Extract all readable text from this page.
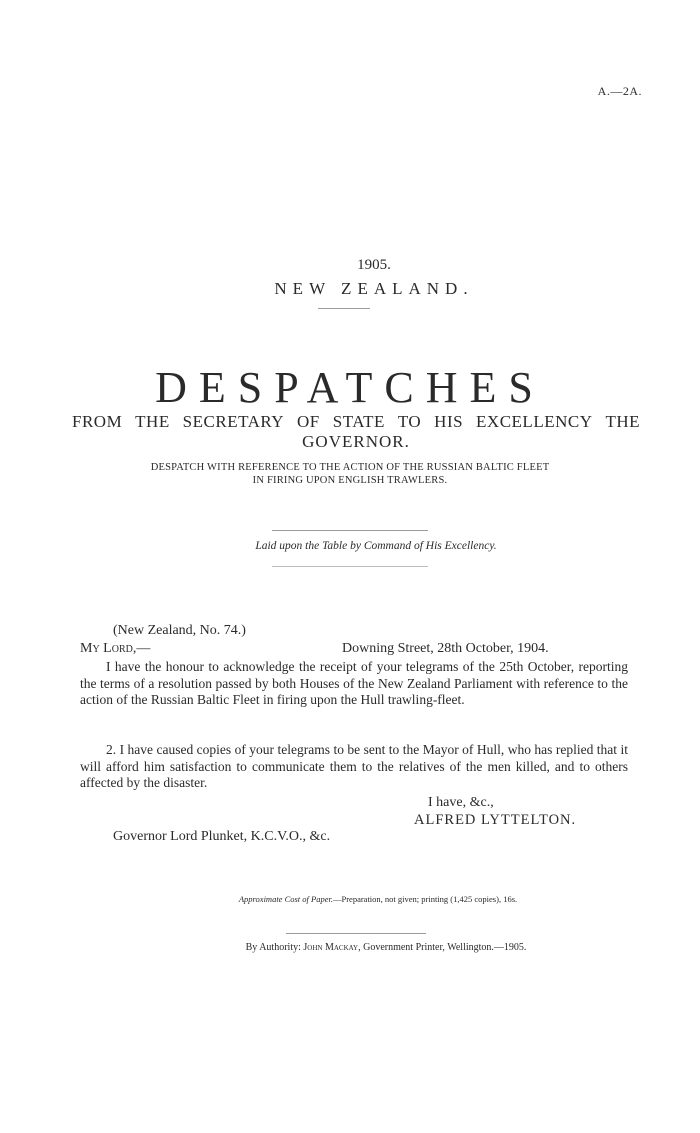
A.—2A.
1905.
NEW ZEALAND.
DESPATCHES
FROM THE SECRETARY OF STATE TO HIS EXCELLENCY THE
GOVERNOR.
DESPATCH WITH REFERENCE TO THE ACTION OF THE RUSSIAN BALTIC FLEET
IN FIRING UPON ENGLISH TRAWLERS.
Laid upon the Table by Command of His Excellency.
(New Zealand, No. 74.)
My Lord,—	Downing Street, 28th October, 1904.
I have the honour to acknowledge the receipt of your telegrams of the 25th October, reporting the terms of a resolution passed by both Houses of the New Zealand Parliament with reference to the action of the Russian Baltic Fleet in firing upon the Hull trawling-fleet.
2. I have caused copies of your telegrams to be sent to the Mayor of Hull, who has replied that it will afford him satisfaction to communicate them to the relatives of the men killed, and to others affected by the disaster.
I have, &c.,
ALFRED LYTTELTON.
Governor Lord Plunket, K.C.V.O., &c.
Approximate Cost of Paper.—Preparation, not given; printing (1,425 copies), 16s.
By Authority: John Mackay, Government Printer, Wellington.—1905.
